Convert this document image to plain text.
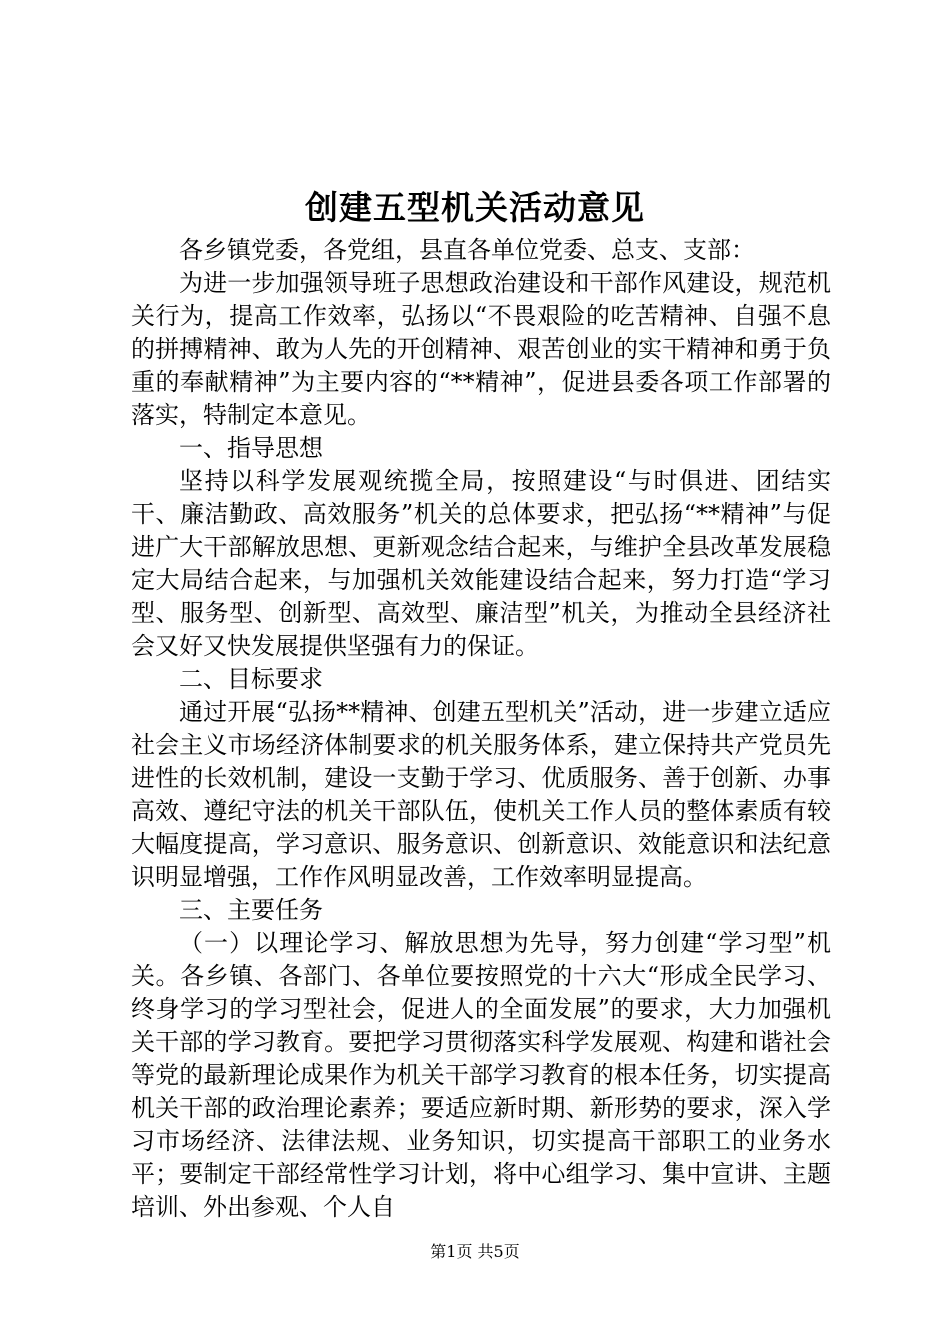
创建五型机关活动意见

各乡镇党委，各党组，县直各单位党委、总支、支部：

为进一步加强领导班子思想政治建设和干部作风建设，规范机关行为，提高工作效率，弘扬以“不畏艰险的吃苦精神、自强不息的拼搏精神、敢为人先的开创精神、艰苦创业的实干精神和勇于负重的奉献精神”为主要内容的“**精神”，促进县委各项工作部署的落实，特制定本意见。

一、指导思想

坚持以科学发展观统揽全局，按照建设“与时俱进、团结实干、廉洁勤政、高效服务”机关的总体要求，把弘扬“**精神”与促进广大干部解放思想、更新观念结合起来，与维护全县改革发展稳定大局结合起来，与加强机关效能建设结合起来，努力打造“学习型、服务型、创新型、高效型、廉洁型”机关，为推动全县经济社会又好又快发展提供坚强有力的保证。

二、目标要求

通过开展“弘扬**精神、创建五型机关”活动，进一步建立适应社会主义市场经济体制要求的机关服务体系，建立保持共产党员先进性的长效机制，建设一支勤于学习、优质服务、善于创新、办事高效、遵纪守法的机关干部队伍，使机关工作人员的整体素质有较大幅度提高，学习意识、服务意识、创新意识、效能意识和法纪意识明显增强，工作作风明显改善，工作效率明显提高。

三、主要任务

（一）以理论学习、解放思想为先导，努力创建“学习型”机关。各乡镇、各部门、各单位要按照党的十六大“形成全民学习、终身学习的学习型社会，促进人的全面发展”的要求，大力加强机关干部的学习教育。要把学习贯彻落实科学发展观、构建和谐社会等党的最新理论成果作为机关干部学习教育的根本任务，切实提高机关干部的政治理论素养；要适应新时期、新形势的要求，深入学习市场经济、法律法规、业务知识，切实提高干部职工的业务水平；要制定干部经常性学习计划，将中心组学习、集中宣讲、主题培训、外出参观、个人自

第1页 共5页
